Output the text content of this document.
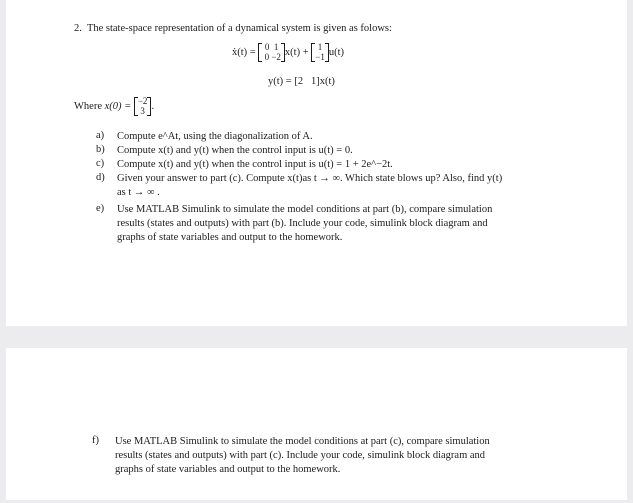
2. The state-space representation of a dynamical system is given as folows:
ẋ(t) = 0 1
0 −2 x(t) + 1
−1 u(t)
y(t) = [2   1]x(t)
Where x(0) = −2
3 .
a) Compute e^At, using the diagonalization of A.
b) Compute x(t) and y(t) when the control input is u(t) = 0.
c) Compute x(t) and y(t) when the control input is u(t) = 1 + 2e^−2t.
d) Given your answer to part (c). Compute x(t)as t → ∞. Which state blows up? Also, find y(t)
as t → ∞ .
e) Use MATLAB Simulink to simulate the model conditions at part (b), compare simulation
results (states and outputs) with part (b). Include your code, simulink block diagram and
graphs of state variables and output to the homework.
f) Use MATLAB Simulink to simulate the model conditions at part (c), compare simulation
results (states and outputs) with part (c). Include your code, simulink block diagram and
graphs of state variables and output to the homework.
